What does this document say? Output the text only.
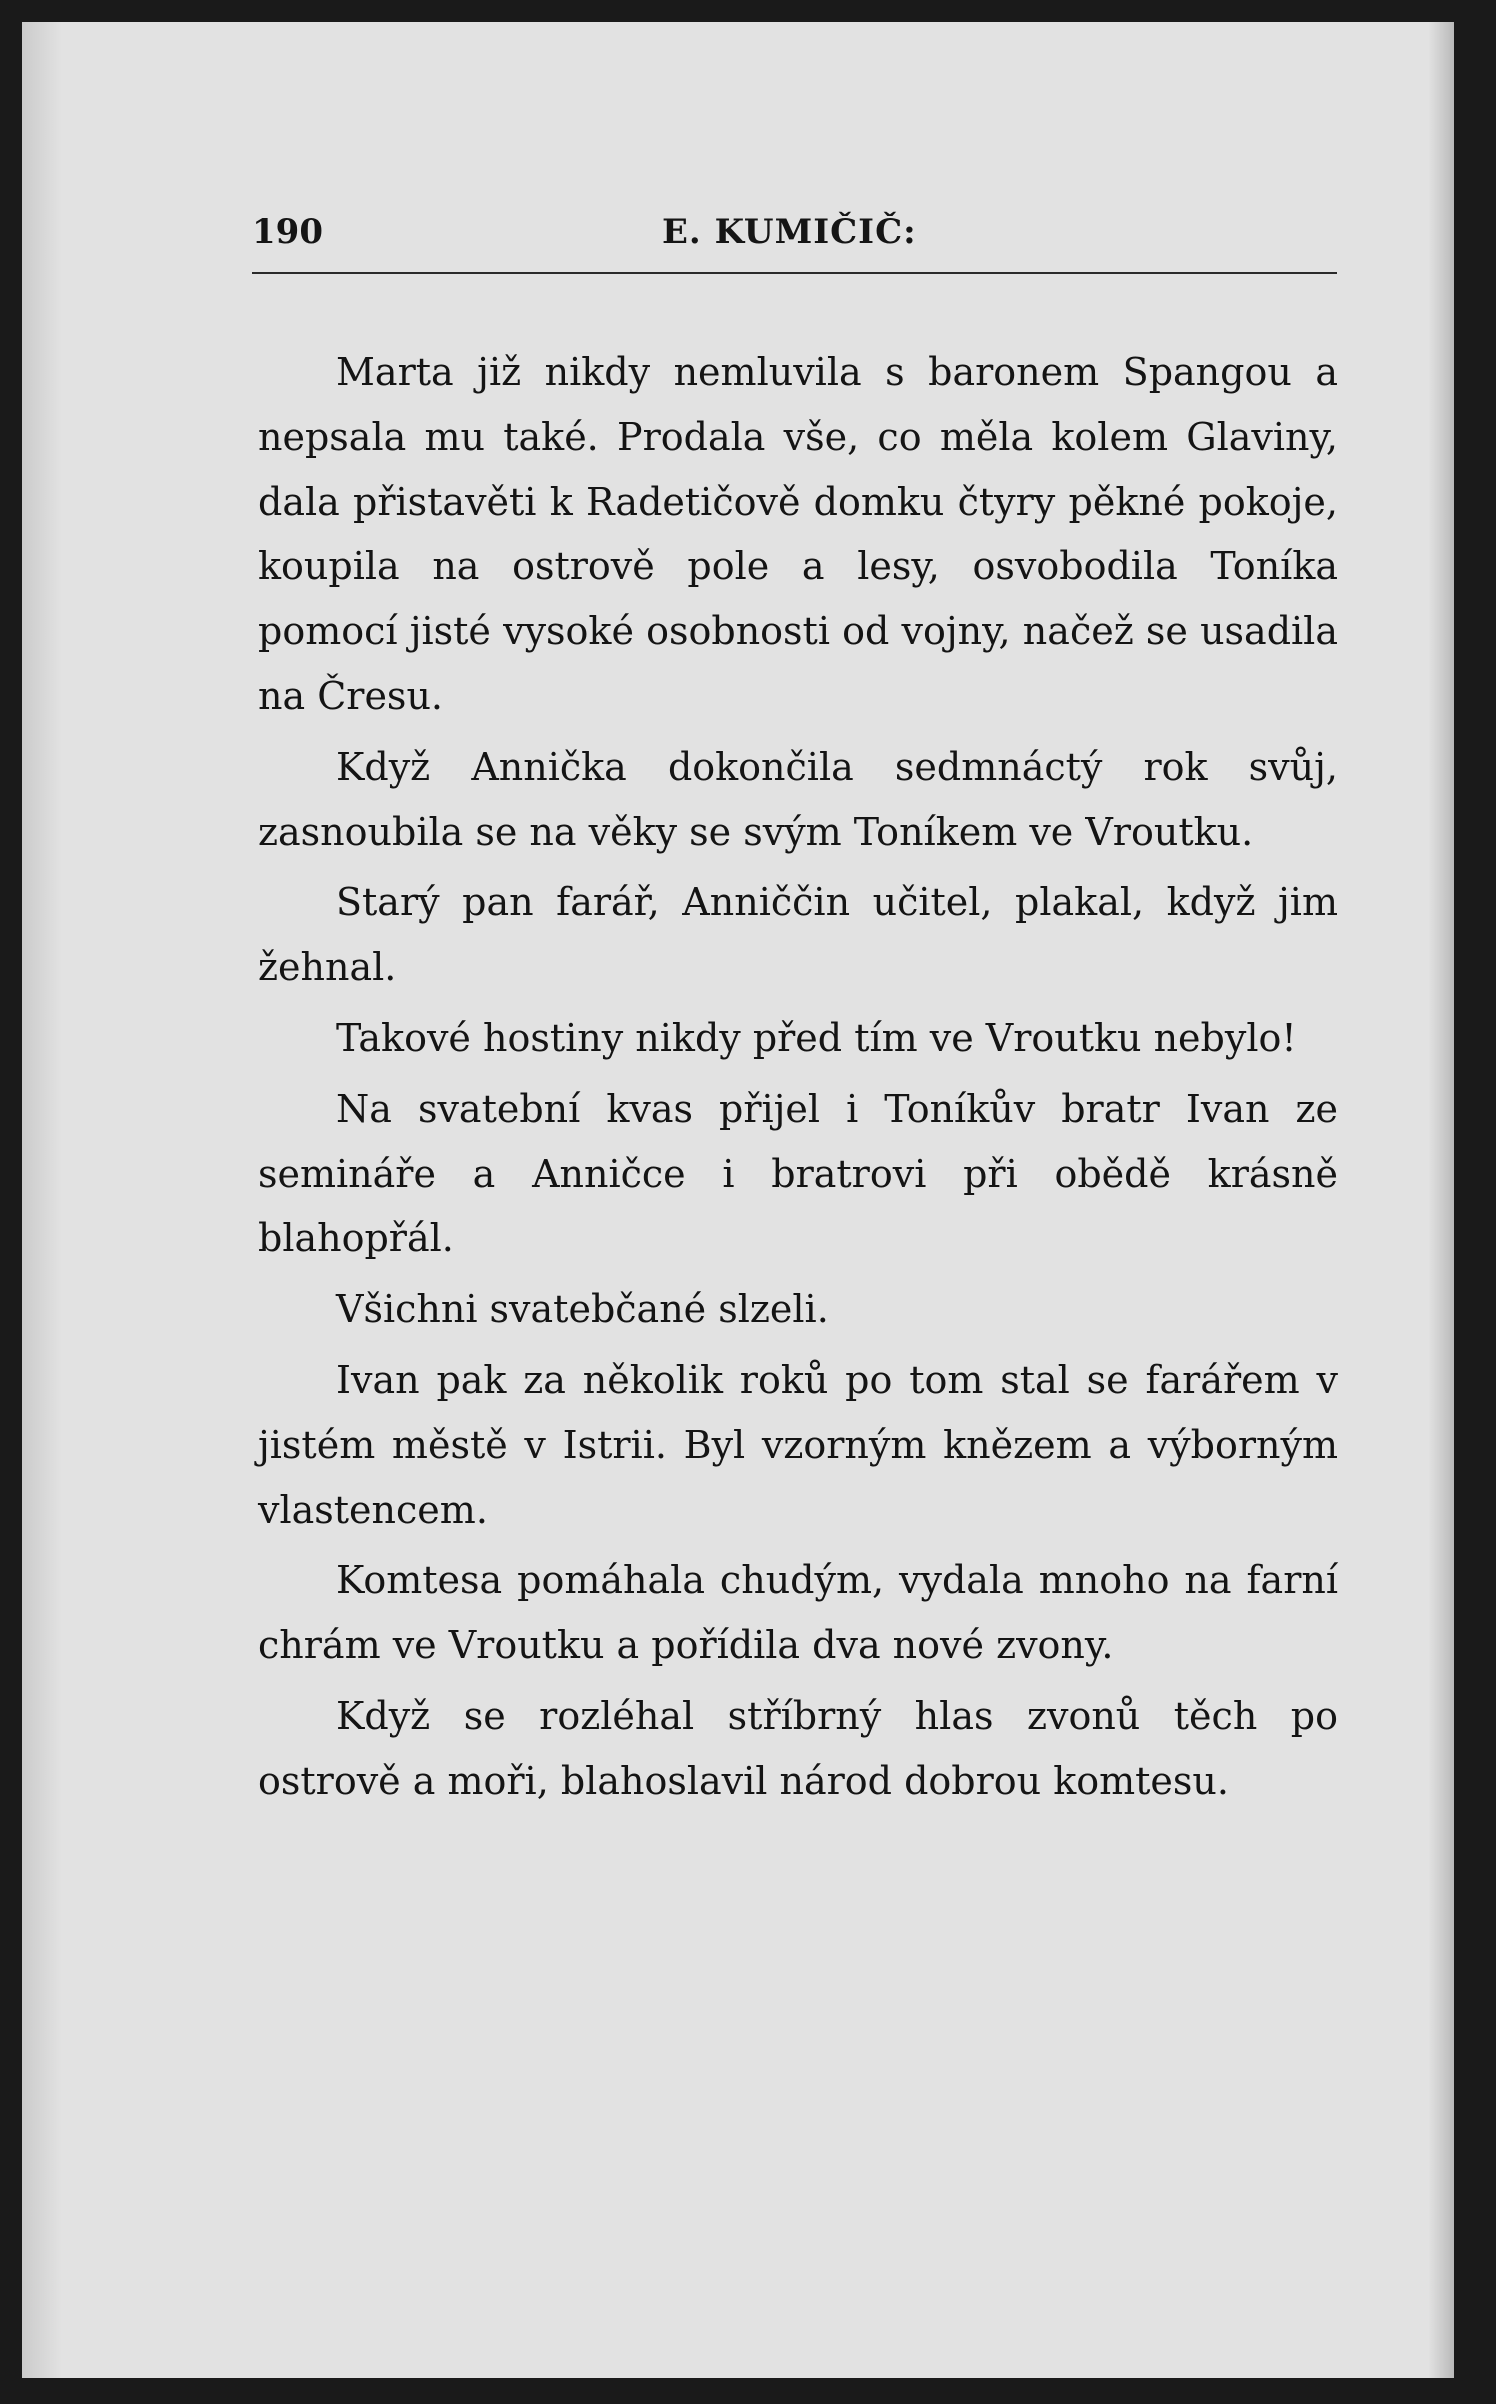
190	E. KUMIČIČ:

Marta již nikdy nemluvila s baronem Spangou a nepsala mu také. Prodala vše, co měla kolem Glaviny, dala přistavěti k Radetičově domku čtyry pěkné pokoje, koupila na ostrově pole a lesy, osvobodila Toníka pomocí jisté vysoké osobnosti od vojny, načež se usadila na Čresu.

Když Annička dokončila sedmnáctý rok svůj, zasnoubila se na věky se svým Toníkem ve Vroutku.

Starý pan farář, Anniččin učitel, plakal, když jim žehnal.

Takové hostiny nikdy před tím ve Vroutku nebylo!

Na svatební kvas přijel i Toníkův bratr Ivan ze semináře a Anničce i bratrovi při obědě krásně blahopřál.

Všichni svatebčané slzeli.

Ivan pak za několik roků po tom stal se farářem v jistém městě v Istrii. Byl vzorným knězem a výborným vlastencem.

Komtesa pomáhala chudým, vydala mnoho na farní chrám ve Vroutku a pořídila dva nové zvony.

Když se rozléhal stříbrný hlas zvonů těch po ostrově a moři, blahoslavil národ dobrou komtesu.
